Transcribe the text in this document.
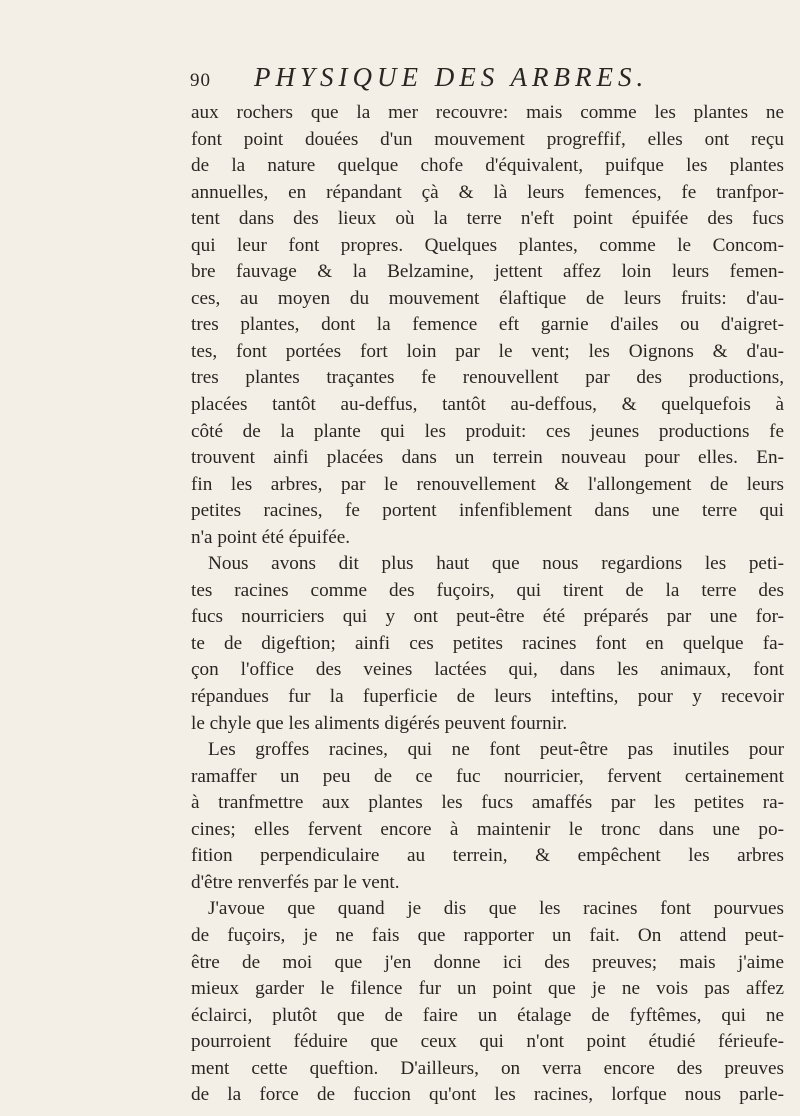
90 PHYSIQUE DES ARBRES.
aux rochers que la mer recouvre: mais comme les plantes ne
font point douées d'un mouvement progreffif, elles ont reçu
de la nature quelque chofe d'équivalent, puifque les plantes
annuelles, en répandant çà & là leurs femences, fe tranfpor-
tent dans des lieux où la terre n'eft point épuifée des fucs
qui leur font propres. Quelques plantes, comme le Concom-
bre fauvage & la Belzamine, jettent affez loin leurs femen-
ces, au moyen du mouvement élaftique de leurs fruits: d'au-
tres plantes, dont la femence eft garnie d'ailes ou d'aigret-
tes, font portées fort loin par le vent; les Oignons & d'au-
tres plantes traçantes fe renouvellent par des productions,
placées tantôt au-deffus, tantôt au-deffous, & quelquefois à
côté de la plante qui les produit: ces jeunes productions fe
trouvent ainfi placées dans un terrein nouveau pour elles. En-
fin les arbres, par le renouvellement & l'allongement de leurs
petites racines, fe portent infenfiblement dans une terre qui
n'a point été épuifée.
Nous avons dit plus haut que nous regardions les peti-
tes racines comme des fuçoirs, qui tirent de la terre des
fucs nourriciers qui y ont peut-être été préparés par une for-
te de digeftion; ainfi ces petites racines font en quelque fa-
çon l'office des veines lactées qui, dans les animaux, font
répandues fur la fuperficie de leurs inteftins, pour y recevoir
le chyle que les aliments digérés peuvent fournir.
Les groffes racines, qui ne font peut-être pas inutiles pour
ramaffer un peu de ce fuc nourricier, fervent certainement
à tranfmettre aux plantes les fucs amaffés par les petites ra-
cines; elles fervent encore à maintenir le tronc dans une po-
fition perpendiculaire au terrein, & empêchent les arbres
d'être renverfés par le vent.
J'avoue que quand je dis que les racines font pourvues
de fuçoirs, je ne fais que rapporter un fait. On attend peut-
être de moi que j'en donne ici des preuves; mais j'aime
mieux garder le filence fur un point que je ne vois pas affez
éclairci, plutôt que de faire un étalage de fyftêmes, qui ne
pourroient féduire que ceux qui n'ont point étudié férieufe-
ment cette queftion. D'ailleurs, on verra encore des preuves
de la force de fuccion qu'ont les racines, lorfque nous parle-
